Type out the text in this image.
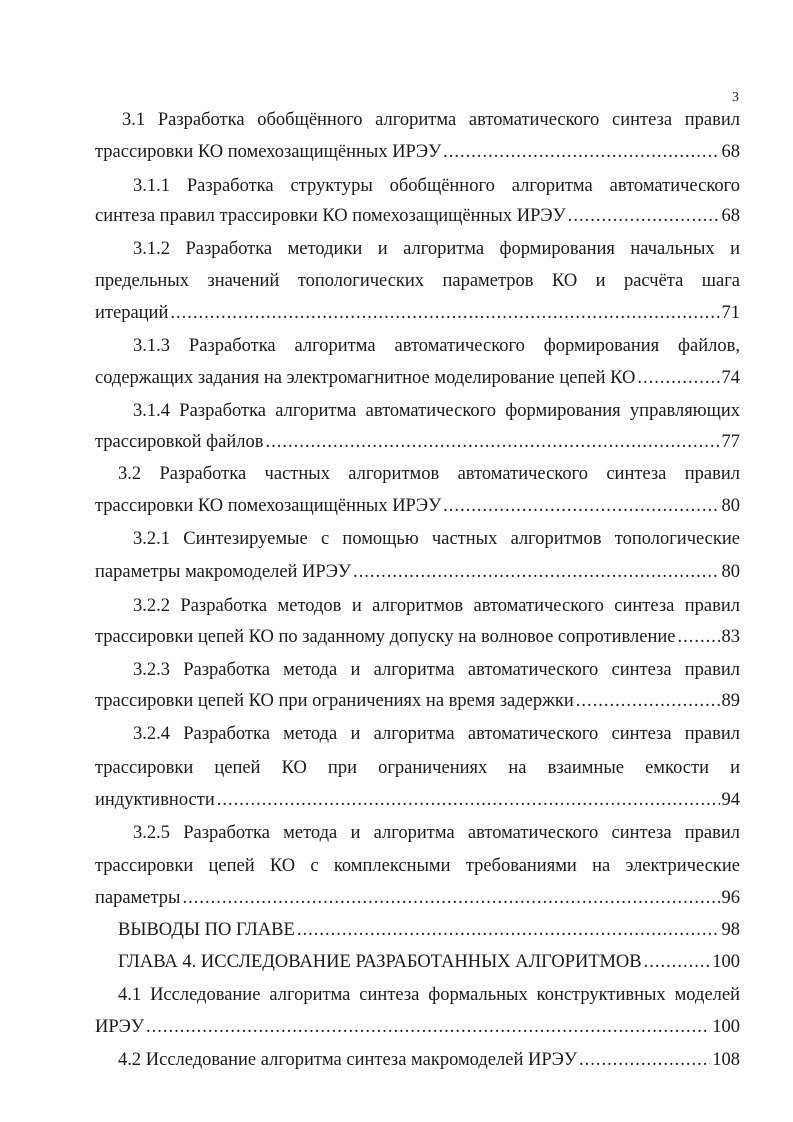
3
3.1 Разработка обобщённого алгоритма автоматического синтеза правил
трассировки КО помехозащищённых ИРЭУ .....	68
3.1.1 Разработка структуры обобщённого алгоритма автоматического
синтеза правил трассировки КО помехозащищённых ИРЭУ .....	68
3.1.2 Разработка методики и алгоритма формирования начальных и
предельных значений топологических параметров КО и расчёта шага
итераций .....	71
3.1.3 Разработка алгоритма автоматического формирования файлов,
содержащих задания на электромагнитное моделирование цепей КО .....	74
3.1.4 Разработка алгоритма автоматического формирования управляющих
трассировкой файлов .....	77
3.2 Разработка частных алгоритмов автоматического синтеза правил
трассировки КО помехозащищённых ИРЭУ .....	80
3.2.1 Синтезируемые с помощью частных алгоритмов топологические
параметры макромоделей ИРЭУ .....	80
3.2.2 Разработка методов и алгоритмов автоматического синтеза правил
трассировки цепей КО по заданному допуску на волновое сопротивление ..... 83
3.2.3 Разработка метода и алгоритма автоматического синтеза правил
трассировки цепей КО при ограничениях на время задержки .....	89
3.2.4 Разработка метода и алгоритма автоматического синтеза правил
трассировки цепей КО при ограничениях на взаимные емкости и
индуктивности .....	94
3.2.5 Разработка метода и алгоритма автоматического синтеза правил
трассировки цепей КО с комплексными требованиями на электрические
параметры .....	96
ВЫВОДЫ ПО ГЛАВЕ .....	98
ГЛАВА 4. ИССЛЕДОВАНИЕ РАЗРАБОТАННЫХ АЛГОРИТМОВ .....	100
4.1 Исследование алгоритма синтеза формальных конструктивных моделей
ИРЭУ .....	100
4.2 Исследование алгоритма синтеза макромоделей ИРЭУ .....	108
